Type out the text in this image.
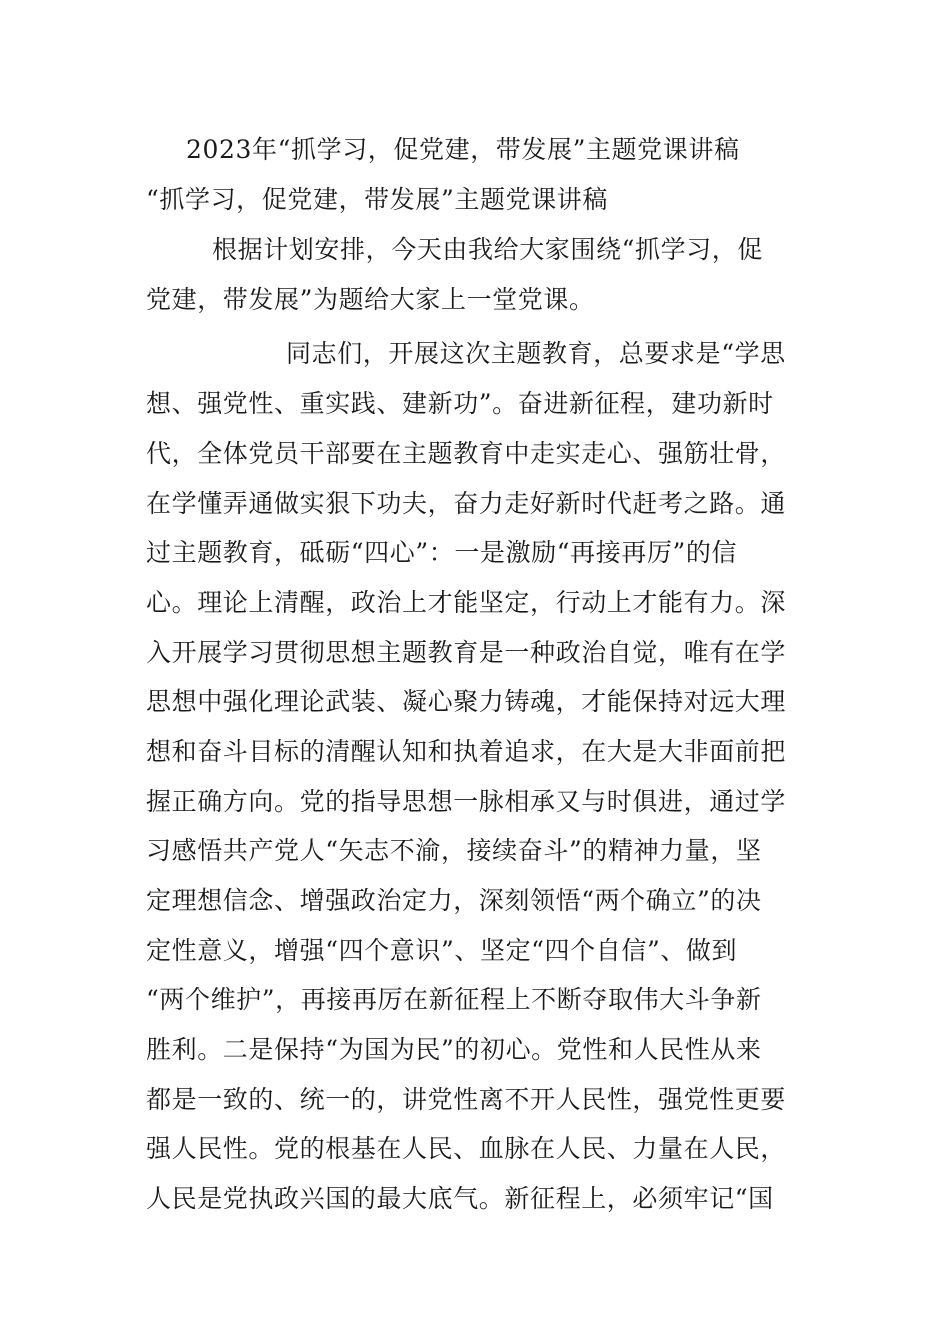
2023年“抓学习，促党建，带发展”主题党课讲稿
“抓学习，促党建，带发展”主题党课讲稿
根据计划安排，今天由我给大家围绕“抓学习，促
党建，带发展”为题给大家上一堂党课。
同志们，开展这次主题教育，总要求是“学思
想、强党性、重实践、建新功”。奋进新征程，建功新时
代，全体党员干部要在主题教育中走实走心、强筋壮骨，
在学懂弄通做实狠下功夫，奋力走好新时代赶考之路。通
过主题教育，砥砺“四心”：一是激励“再接再厉”的信
心。理论上清醒，政治上才能坚定，行动上才能有力。深
入开展学习贯彻思想主题教育是一种政治自觉，唯有在学
思想中强化理论武装、凝心聚力铸魂，才能保持对远大理
想和奋斗目标的清醒认知和执着追求，在大是大非面前把
握正确方向。党的指导思想一脉相承又与时俱进，通过学
习感悟共产党人“矢志不渝，接续奋斗”的精神力量，坚
定理想信念、增强政治定力，深刻领悟“两个确立”的决
定性意义，增强“四个意识”、坚定“四个自信”、做到
“两个维护”，再接再厉在新征程上不断夺取伟大斗争新
胜利。二是保持“为国为民”的初心。党性和人民性从来
都是一致的、统一的，讲党性离不开人民性，强党性更要
强人民性。党的根基在人民、血脉在人民、力量在人民，
人民是党执政兴国的最大底气。新征程上，必须牢记“国
